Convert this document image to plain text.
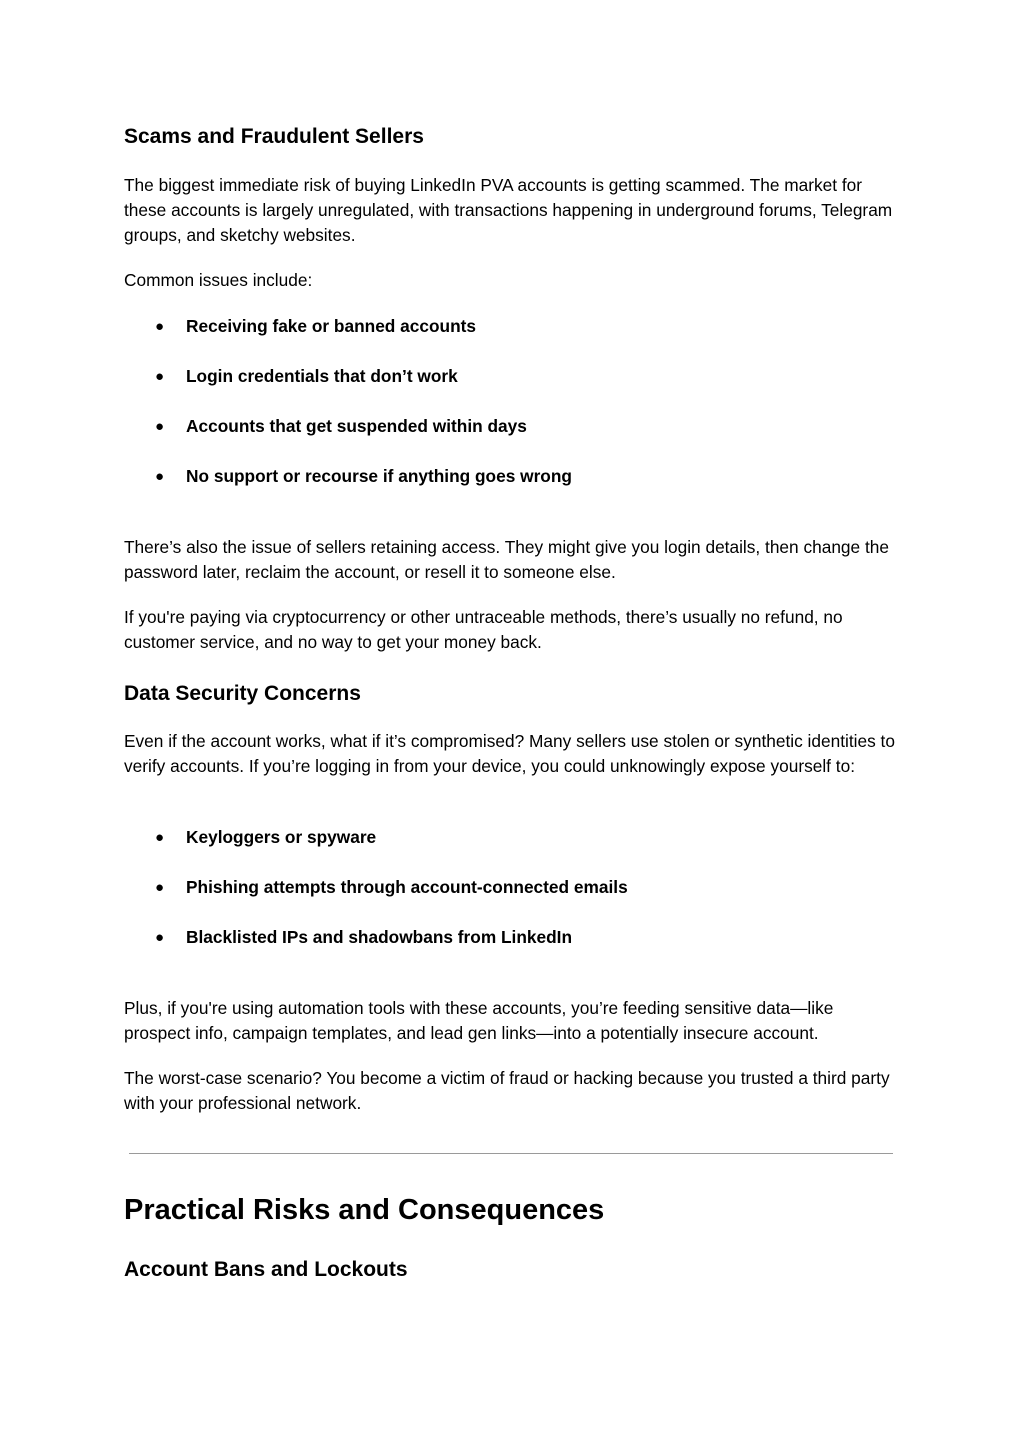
Scams and Fraudulent Sellers

The biggest immediate risk of buying LinkedIn PVA accounts is getting scammed. The market for these accounts is largely unregulated, with transactions happening in underground forums, Telegram groups, and sketchy websites.

Common issues include:

● Receiving fake or banned accounts
● Login credentials that don’t work
● Accounts that get suspended within days
● No support or recourse if anything goes wrong

There’s also the issue of sellers retaining access. They might give you login details, then change the password later, reclaim the account, or resell it to someone else.

If you're paying via cryptocurrency or other untraceable methods, there’s usually no refund, no customer service, and no way to get your money back.

Data Security Concerns

Even if the account works, what if it’s compromised? Many sellers use stolen or synthetic identities to verify accounts. If you’re logging in from your device, you could unknowingly expose yourself to:

● Keyloggers or spyware
● Phishing attempts through account-connected emails
● Blacklisted IPs and shadowbans from LinkedIn

Plus, if you're using automation tools with these accounts, you’re feeding sensitive data—like prospect info, campaign templates, and lead gen links—into a potentially insecure account.

The worst-case scenario? You become a victim of fraud or hacking because you trusted a third party with your professional network.

Practical Risks and Consequences
Account Bans and Lockouts
